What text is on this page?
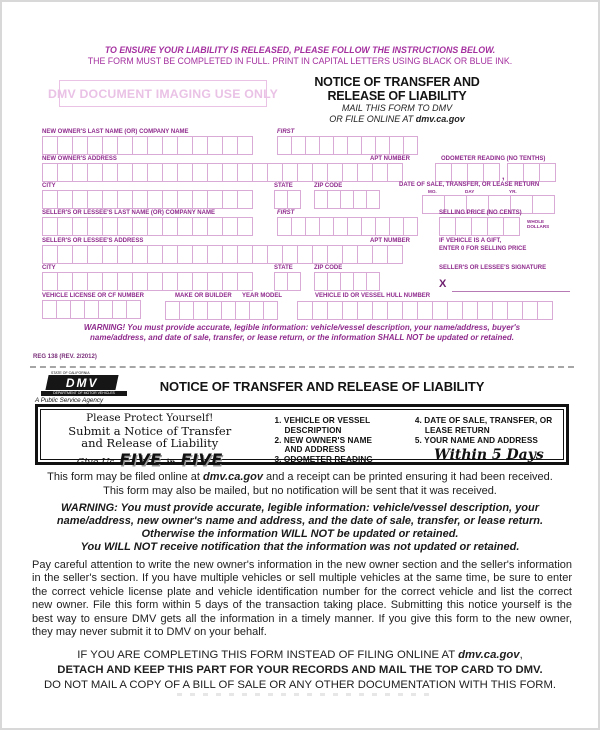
TO ENSURE YOUR LIABILITY IS RELEASED, PLEASE FOLLOW THE INSTRUCTIONS BELOW.
THE FORM MUST BE COMPLETED IN FULL. PRINT IN CAPITAL LETTERS USING BLACK OR BLUE INK.
DMV DOCUMENT IMAGING USE ONLY
NOTICE OF TRANSFER AND
RELEASE OF LIABILITY
MAIL THIS FORM TO DMV
OR FILE ONLINE AT dmv.ca.gov
NEW OWNER'S LAST NAME (OR) COMPANY NAME	FIRST
NEW OWNER'S ADDRESS	APT NUMBER	ODOMETER READING (NO TENTHS)
,
CITY	STATE	ZIP CODE	DATE OF SALE, TRANSFER, OR LEASE RETURN
MO.	DAY	YR.
SELLER'S OR LESSEE'S LAST NAME (OR) COMPANY NAME	FIRST	SELLING PRICE (NO CENTS)
WHOLE
DOLLARS
SELLER'S OR LESSEE'S ADDRESS	APT NUMBER	IF VEHICLE IS A GIFT,
ENTER 0 FOR SELLING PRICE
CITY	STATE	ZIP CODE	SELLER'S OR LESSEE'S SIGNATURE
X
VEHICLE LICENSE OR CF NUMBER	MAKE OR BUILDER YEAR MODEL	VEHICLE ID OR VESSEL HULL NUMBER
WARNING! You must provide accurate, legible information: vehicle/vessel description, your name/address, buyer's
name/address, and date of sale, transfer, or lease return, or the information SHALL NOT be updated or retained.
REG 138 (REV. 2/2012)
STATE OF CALIFORNIA
DMV
DEPARTMENT OF MOTOR VEHICLES
A Public Service Agency
NOTICE OF TRANSFER AND RELEASE OF LIABILITY
Please Protect Yourself!
Submit a Notice of Transfer
and Release of Liability
Give Us FIVE in FIVE
1. VEHICLE OR VESSEL DESCRIPTION
2. NEW OWNER'S NAME AND ADDRESS
3. ODOMETER READING
4. DATE OF SALE, TRANSFER, OR LEASE RETURN
5. YOUR NAME AND ADDRESS
Within 5 Days
This form may be filed online at dmv.ca.gov and a receipt can be printed ensuring it had been received.
This form may also be mailed, but no notification will be sent that it was received.
WARNING: You must provide accurate, legible information: vehicle/vessel description, your
name/address, new owner's name and address, and the date of sale, transfer, or lease return.
Otherwise the information WILL NOT be updated or retained.
You WILL NOT receive notification that the information was not updated or retained.
Pay careful attention to write the new owner's information in the new owner section and the seller's information in the seller's section. If you have multiple vehicles or sell multiple vehicles at the same time, be sure to enter the correct vehicle license plate and vehicle identification number for the correct vehicle and list the correct new owner. File this form within 5 days of the transaction taking place. Submitting this notice yourself is the best way to ensure DMV gets all the information in a timely manner. If you give this form to the new owner, they may never submit it to DMV on your behalf.
IF YOU ARE COMPLETING THIS FORM INSTEAD OF FILING ONLINE AT dmv.ca.gov,
DETACH AND KEEP THIS PART FOR YOUR RECORDS AND MAIL THE TOP CARD TO DMV.
DO NOT MAIL A COPY OF A BILL OF SALE OR ANY OTHER DOCUMENTATION WITH THIS FORM.
